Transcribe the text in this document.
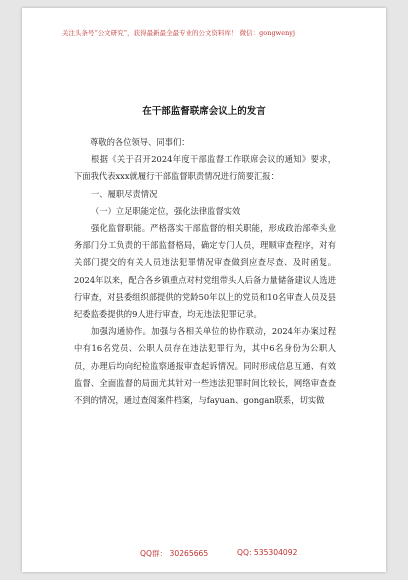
关注头条号“公文研究”，获得最新最全最专业的公文资料库！ 微信：gongwenyj
在干部监督联席会议上的发言

尊敬的各位领导、同事们：

根据《关于召开2024年度干部监督工作联席会议的通知》要求，下面我代表xxx就履行干部监督职责情况进行简要汇报：

一、履职尽责情况

（一）立足职能定位，强化法律监督实效

强化监督职能。严格落实干部监督的相关职能，形成政治部牵头业务部门分工负责的干部监督格局，确定专门人员，理顺审查程序，对有关部门提交的有关人员违法犯罪情况审查做到应查尽查、及时函复。2024年以来，配合各乡镇重点对村党组带头人后备力量储备建议人选进行审查，对县委组织部提供的党龄50年以上的党员和10名审查人员及县纪委监委提供的9人进行审查，均无违法犯罪记录。

加强沟通协作。加强与各相关单位的协作联动，2024年办案过程中有16名党员、公职人员存在违法犯罪行为，其中6名身份为公职人员，办理后均向纪检监察通报审查起诉情况。同时形成信息互通、有效监督、全面监督的局面尤其针对一些违法犯罪时间比较长，网络审查查不到的情况，通过查阅案件档案，与fayuan、gongan联系，切实做

QQ群： 30265665	QQ: 535304092
